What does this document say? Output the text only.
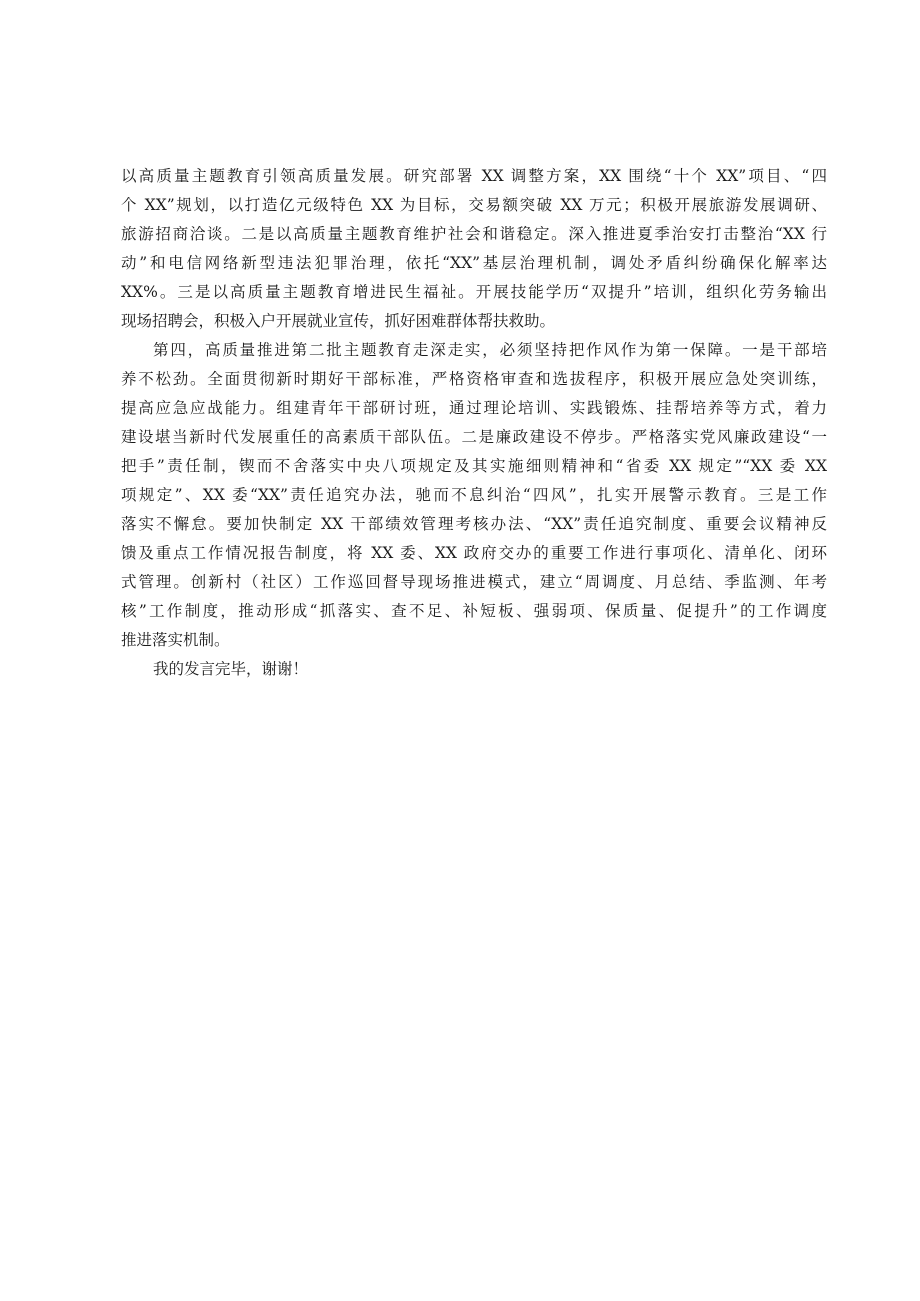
以高质量主题教育引领高质量发展。研究部署 XX 调整方案，XX 围绕“十个 XX”项目、“四
个 XX”规划，以打造亿元级特色 XX 为目标，交易额突破 XX 万元；积极开展旅游发展调研、
旅游招商洽谈。二是以高质量主题教育维护社会和谐稳定。深入推进夏季治安打击整治“XX 行
动”和电信网络新型违法犯罪治理，依托“XX”基层治理机制，调处矛盾纠纷确保化解率达
XX%。三是以高质量主题教育增进民生福祉。开展技能学历“双提升”培训，组织化劳务输出
现场招聘会，积极入户开展就业宣传，抓好困难群体帮扶救助。

第四，高质量推进第二批主题教育走深走实，必须坚持把作风作为第一保障。一是干部培
养不松劲。全面贯彻新时期好干部标准，严格资格审查和选拔程序，积极开展应急处突训练，
提高应急应战能力。组建青年干部研讨班，通过理论培训、实践锻炼、挂帮培养等方式，着力
建设堪当新时代发展重任的高素质干部队伍。二是廉政建设不停步。严格落实党风廉政建设“一
把手”责任制，锲而不舍落实中央八项规定及其实施细则精神和“省委 XX 规定”“XX 委 XX
项规定”、XX 委“XX”责任追究办法，驰而不息纠治“四风”，扎实开展警示教育。三是工作
落实不懈怠。要加快制定 XX 干部绩效管理考核办法、“XX”责任追究制度、重要会议精神反
馈及重点工作情况报告制度，将 XX 委、XX 政府交办的重要工作进行事项化、清单化、闭环
式管理。创新村（社区）工作巡回督导现场推进模式，建立“周调度、月总结、季监测、年考
核”工作制度，推动形成“抓落实、查不足、补短板、强弱项、保质量、促提升”的工作调度
推进落实机制。

我的发言完毕，谢谢！
